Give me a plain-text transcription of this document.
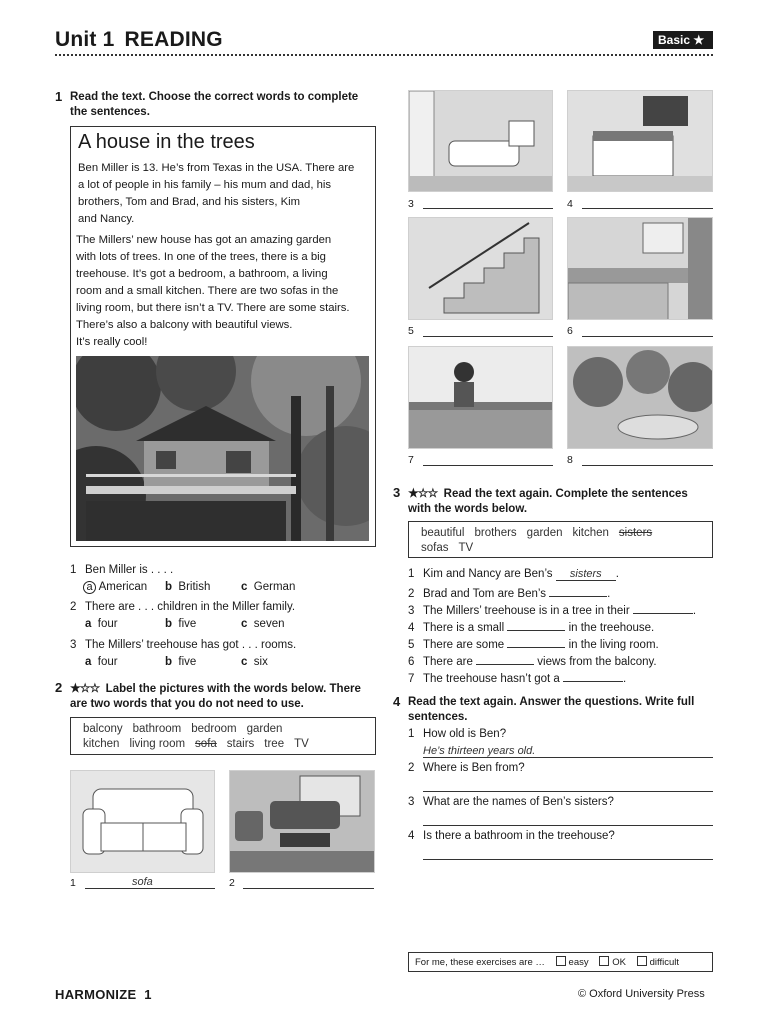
Unit 1 READING	Basic ★
1 Read the text. Choose the correct words to complete
the sentences.
A house in the trees
Ben Miller is 13. He’s from Texas in the USA. There are
a lot of people in his family – his mum and dad, his
brothers, Tom and Brad, and his sisters, Kim
and Nancy.
The Millers’ new house has got an amazing garden
with lots of trees. In one of the trees, there is a big
treehouse. It’s got a bedroom, a bathroom, a living
room and a small kitchen. There are two sofas in the
living room, but there isn’t a TV. There are some stairs.
There’s also a balcony with beautiful views.
It’s really cool!
1 Ben Miller is . . . .
a American b British	c German
2 There are . . . children in the Miller family.
a four	b five	c seven
3 The Millers’ treehouse has got . . . rooms.
a four	b five	c six
2 ★☆☆ Label the pictures with the words below. There
are two words that you do not need to use.
balcony bathroom bedroom garden
kitchen living room sofa stairs tree TV
1	sofa	2
3	4
5	6
7	8
3 ★☆☆ Read the text again. Complete the sentences
with the words below.
beautiful brothers garden kitchen sisters
sofas TV
1 Kim and Nancy are Ben’s sisters .
2 Brad and Tom are Ben’s	.
3 The Millers’ treehouse is in a tree in their	.
4 There is a small	in the treehouse.
5 There are some	in the living room.
6 There are	views from the balcony.
7 The treehouse hasn’t got a	.
4 Read the text again. Answer the questions. Write full
sentences.
1 How old is Ben?
He’s thirteen years old.
2 Where is Ben from?
3 What are the names of Ben’s sisters?
4 Is there a bathroom in the treehouse?
For me, these exercises are … easy OK difficult
HARMONIZE  1	© Oxford University Press
